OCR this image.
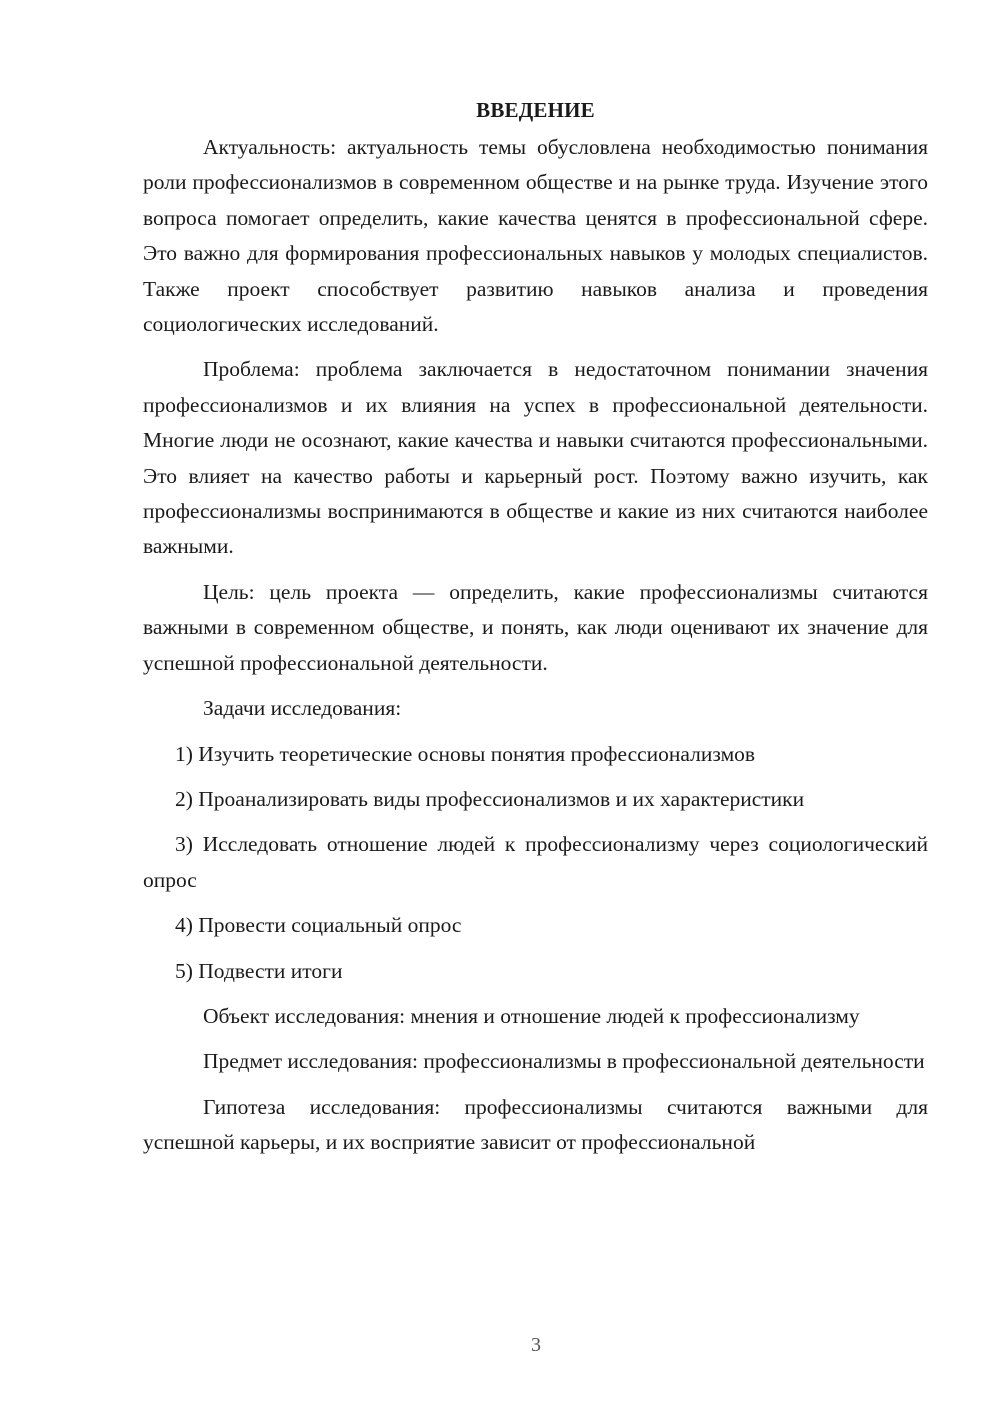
ВВЕДЕНИЕ

Актуальность: актуальность темы обусловлена необходимостью понимания роли профессионализмов в современном обществе и на рынке труда. Изучение этого вопроса помогает определить, какие качества ценятся в профессиональной сфере. Это важно для формирования профессиональных навыков у молодых специалистов. Также проект способствует развитию навыков анализа и проведения социологических исследований.

Проблема: проблема заключается в недостаточном понимании значения профессионализмов и их влияния на успех в профессиональной деятельности. Многие люди не осознают, какие качества и навыки считаются профессиональными. Это влияет на качество работы и карьерный рост. Поэтому важно изучить, как профессионализмы воспринимаются в обществе и какие из них считаются наиболее важными.

Цель: цель проекта — определить, какие профессионализмы считаются важными в современном обществе, и понять, как люди оценивают их значение для успешной профессиональной деятельности.

Задачи исследования:

1) Изучить теоретические основы понятия профессионализмов

2) Проанализировать виды профессионализмов и их характеристики

3) Исследовать отношение людей к профессионализму через социологический опрос

4) Провести социальный опрос

5) Подвести итоги

Объект исследования: мнения и отношение людей к профессионализму

Предмет исследования: профессионализмы в профессиональной деятельности

Гипотеза исследования: профессионализмы считаются важными для успешной карьеры, и их восприятие зависит от профессиональной

3
